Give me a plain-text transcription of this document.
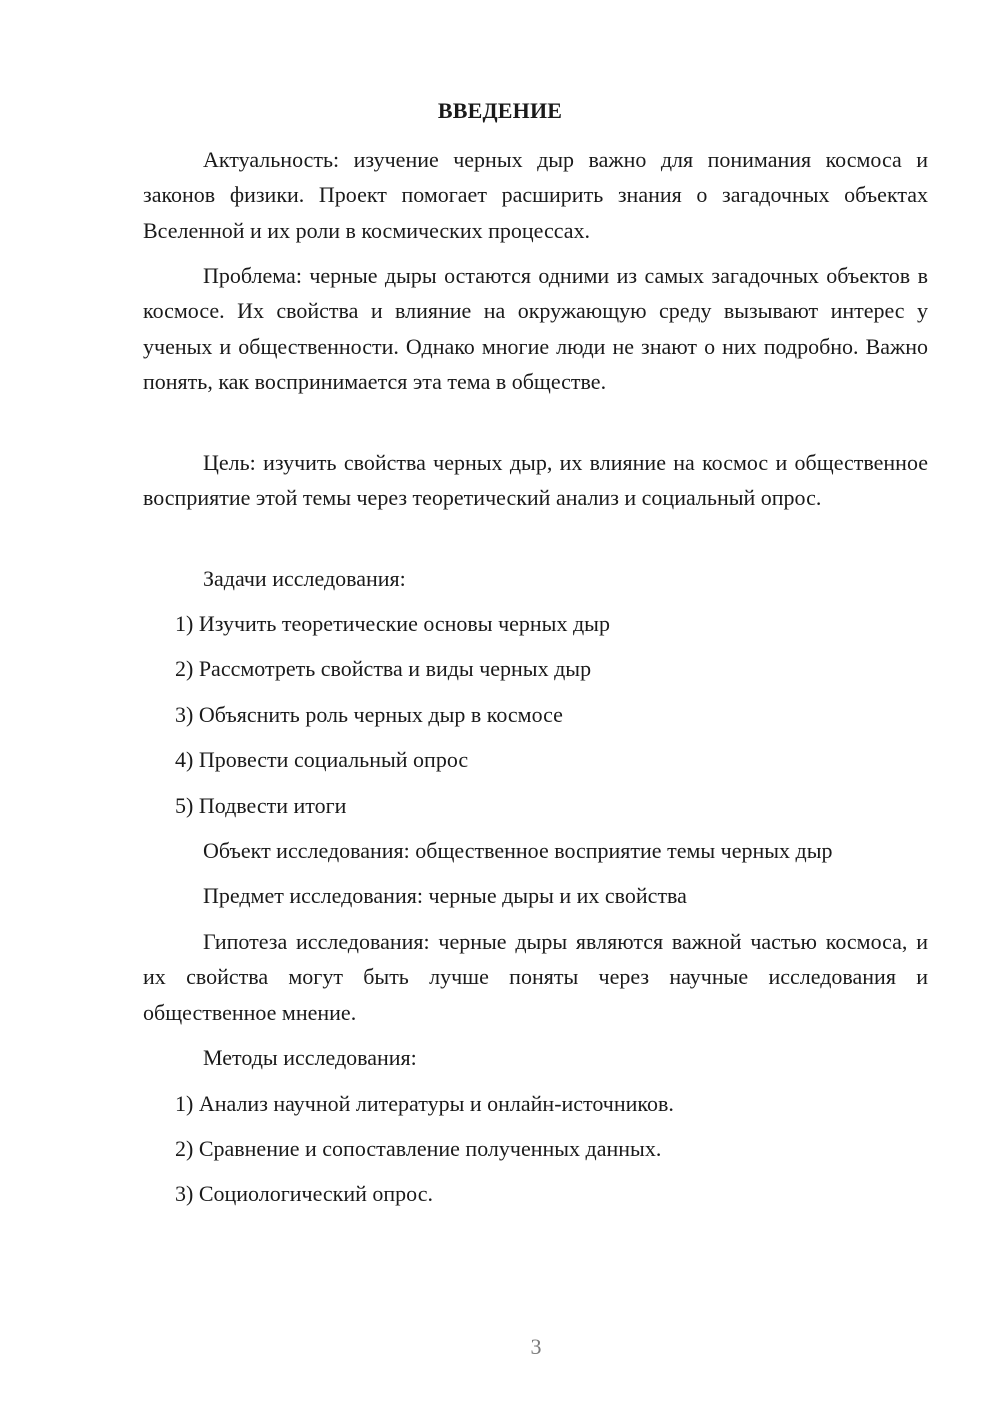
ВВЕДЕНИЕ
Актуальность: изучение черных дыр важно для понимания космоса и законов физики. Проект помогает расширить знания о загадочных объектах Вселенной и их роли в космических процессах.
Проблема: черные дыры остаются одними из самых загадочных объектов в космосе. Их свойства и влияние на окружающую среду вызывают интерес у ученых и общественности. Однако многие люди не знают о них подробно. Важно понять, как воспринимается эта тема в обществе.
Цель: изучить свойства черных дыр, их влияние на космос и общественное восприятие этой темы через теоретический анализ и социальный опрос.
Задачи исследования:
1) Изучить теоретические основы черных дыр
2) Рассмотреть свойства и виды черных дыр
3) Объяснить роль черных дыр в космосе
4) Провести социальный опрос
5) Подвести итоги
Объект исследования: общественное восприятие темы черных дыр
Предмет исследования: черные дыры и их свойства
Гипотеза исследования: черные дыры являются важной частью космоса, и их свойства могут быть лучше поняты через научные исследования и общественное мнение.
Методы исследования:
1) Анализ научной литературы и онлайн-источников.
2) Сравнение и сопоставление полученных данных.
3) Социологический опрос.
3
